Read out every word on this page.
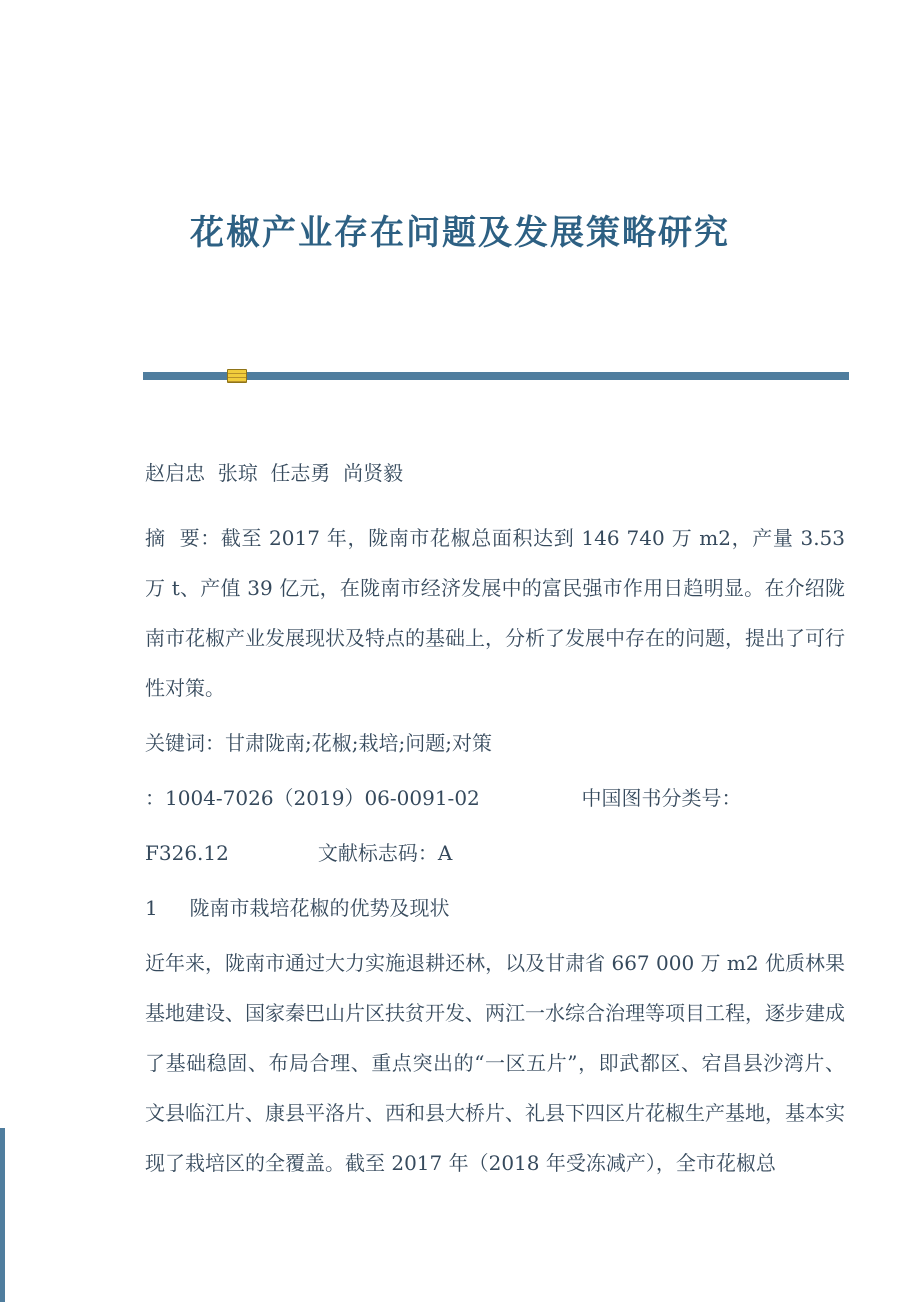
花椒产业存在问题及发展策略研究

赵启忠  张琼  任志勇  尚贤毅

摘  要：截至 2017 年，陇南市花椒总面积达到 146 740 万 m2，产量 3.53 万 t、产值 39 亿元，在陇南市经济发展中的富民强市作用日趋明显。在介绍陇南市花椒产业发展现状及特点的基础上，分析了发展中存在的问题，提出了可行性对策。

关键词：甘肃陇南;花椒;栽培;问题;对策

：1004-7026（2019）06-0091-02                中国图书分类号：

F326.12              文献标志码：A

1     陇南市栽培花椒的优势及现状

近年来，陇南市通过大力实施退耕还林，以及甘肃省 667 000 万 m2 优质林果基地建设、国家秦巴山片区扶贫开发、两江一水综合治理等项目工程，逐步建成了基础稳固、布局合理、重点突出的“一区五片”，即武都区、宕昌县沙湾片、文县临江片、康县平洛片、西和县大桥片、礼县下四区片花椒生产基地，基本实现了栽培区的全覆盖。截至 2017 年（2018 年受冻减产），全市花椒总
